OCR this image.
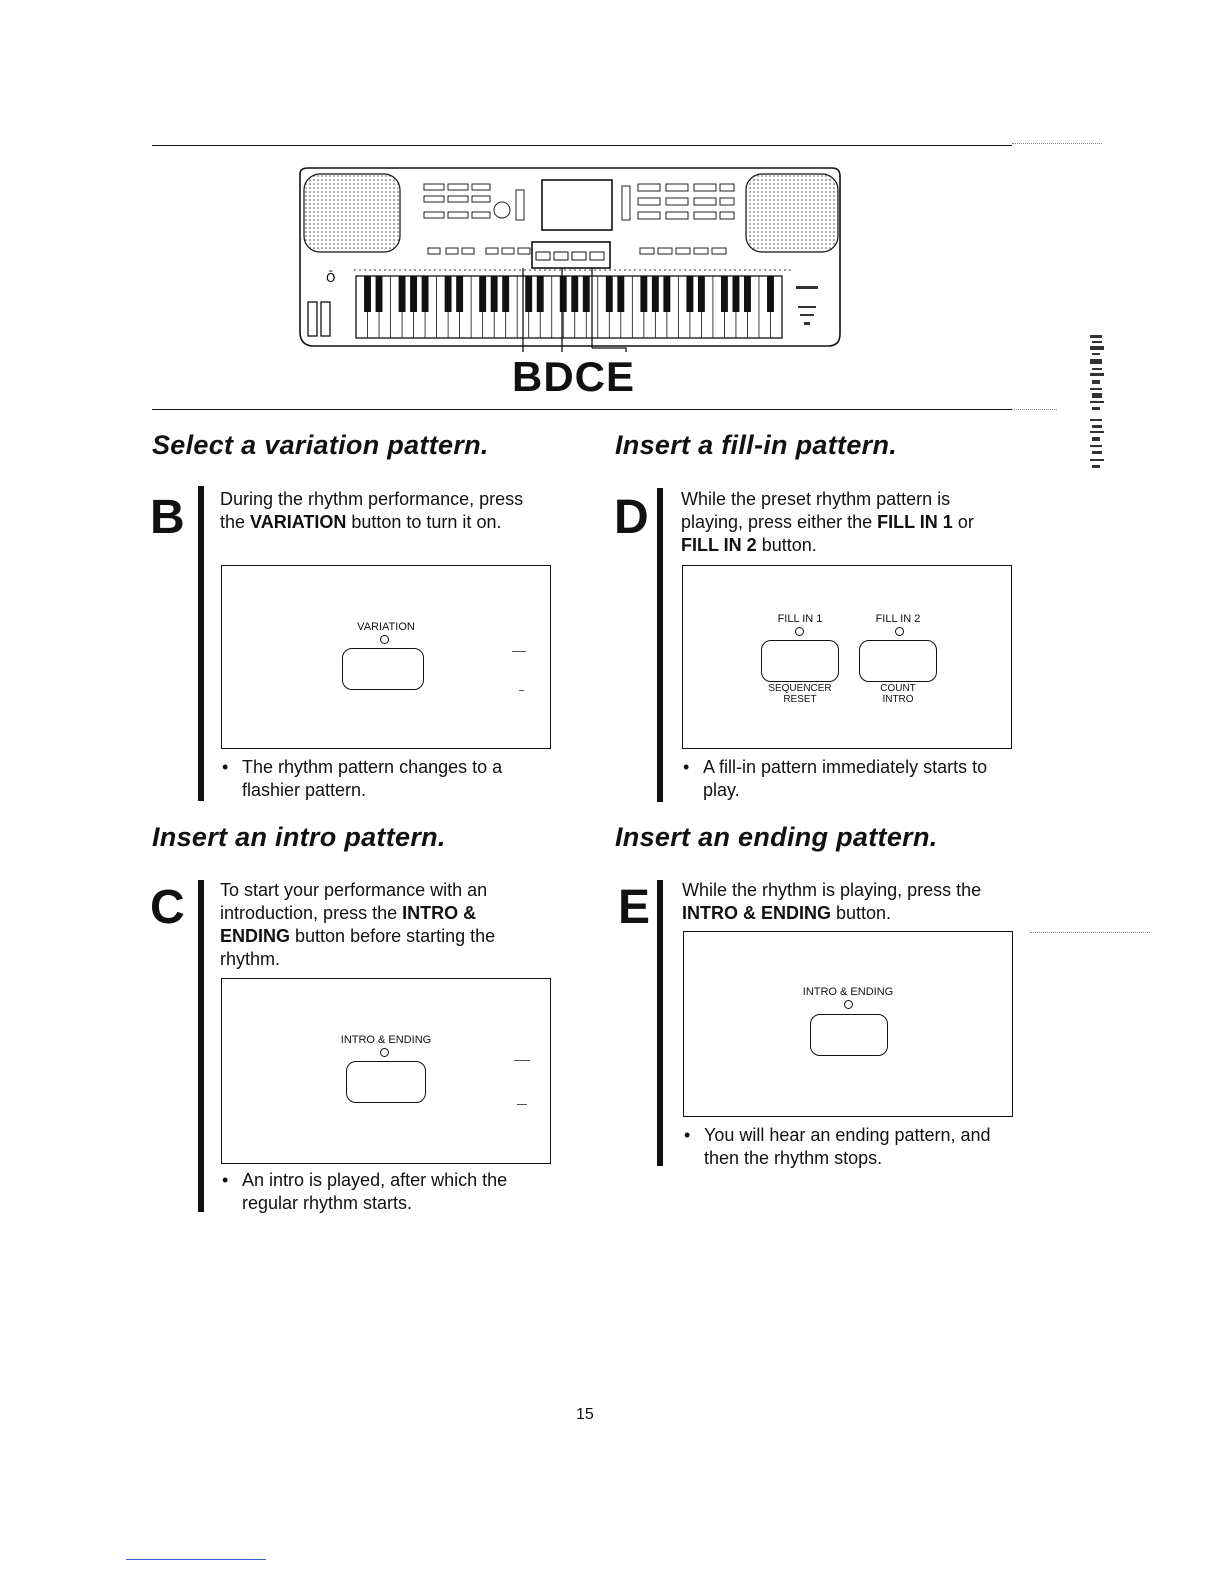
Ō
BDCE
Select a variation pattern.
B During the rhythm performance, press the VARIATION button to turn it on.
VARIATION
• The rhythm pattern changes to a flashier pattern.
Insert a fill-in pattern.
D While the preset rhythm pattern is playing, press either the FILL IN 1 or FILL IN 2 button.
FILL IN 1
SEQUENCER
RESET
FILL IN 2
COUNT
INTRO
• A fill-in pattern immediately starts to play.
Insert an intro pattern.
C To start your performance with an introduction, press the INTRO & ENDING button before starting the rhythm.
INTRO & ENDING
• An intro is played, after which the regular rhythm starts.
Insert an ending pattern.
E While the rhythm is playing, press the INTRO & ENDING button.
INTRO & ENDING
• You will hear an ending pattern, and then the rhythm stops.
15
